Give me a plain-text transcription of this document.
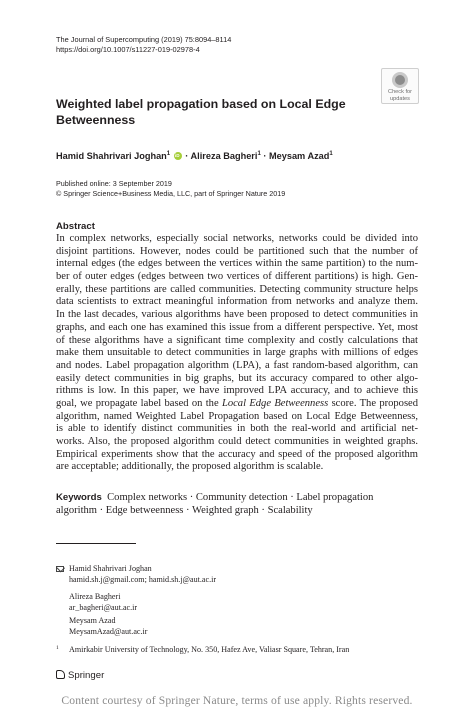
The Journal of Supercomputing (2019) 75:8094–8114
https://doi.org/10.1007/s11227-019-02978-4
Check for
updates
Weighted label propagation based on Local Edge
Betweenness
Hamid Shahrivari Joghan$^1$ iD · Alireza Bagheri$^1$ · Meysam Azad$^1$
Published online: 3 September 2019
© Springer Science+Business Media, LLC, part of Springer Nature 2019
Abstract
In complex networks, especially social networks, networks could be divided into
disjoint partitions. However, nodes could be partitioned such that the number of
internal edges (the edges between the vertices within the same partition) to the num-
ber of outer edges (edges between two vertices of different partitions) is high. Gen-
erally, these partitions are called communities. Detecting community structure helps
data scientists to extract meaningful information from networks and analyze them.
In the last decades, various algorithms have been proposed to detect communities in
graphs, and each one has examined this issue from a different perspective. Yet, most
of these algorithms have a significant time complexity and costly calculations that
make them unsuitable to detect communities in large graphs with millions of edges
and nodes. Label propagation algorithm (LPA), a fast random-based algorithm, can
easily detect communities in big graphs, but its accuracy compared to other algo-
rithms is low. In this paper, we have improved LPA accuracy, and to achieve this
goal, we propagate label based on the Local Edge Betweenness score. The proposed
algorithm, named Weighted Label Propagation based on Local Edge Betweenness,
is able to identify distinct communities in both the real-world and artificial net-
works. Also, the proposed algorithm could detect communities in weighted graphs.
Empirical experiments show that the accuracy and speed of the proposed algorithm
are acceptable; additionally, the proposed algorithm is scalable.
Keywords Complex networks · Community detection · Label propagation
algorithm · Edge betweenness · Weighted graph · Scalability
Hamid Shahrivari Joghan
hamid.sh.j@gmail.com; hamid.sh.j@aut.ac.ir
Alireza Bagheri
ar_bagheri@aut.ac.ir
Meysam Azad
MeysamAzad@aut.ac.ir
1 Amirkabir University of Technology, No. 350, Hafez Ave, Valiasr Square, Tehran, Iran
Springer
Content courtesy of Springer Nature, terms of use apply. Rights reserved.
